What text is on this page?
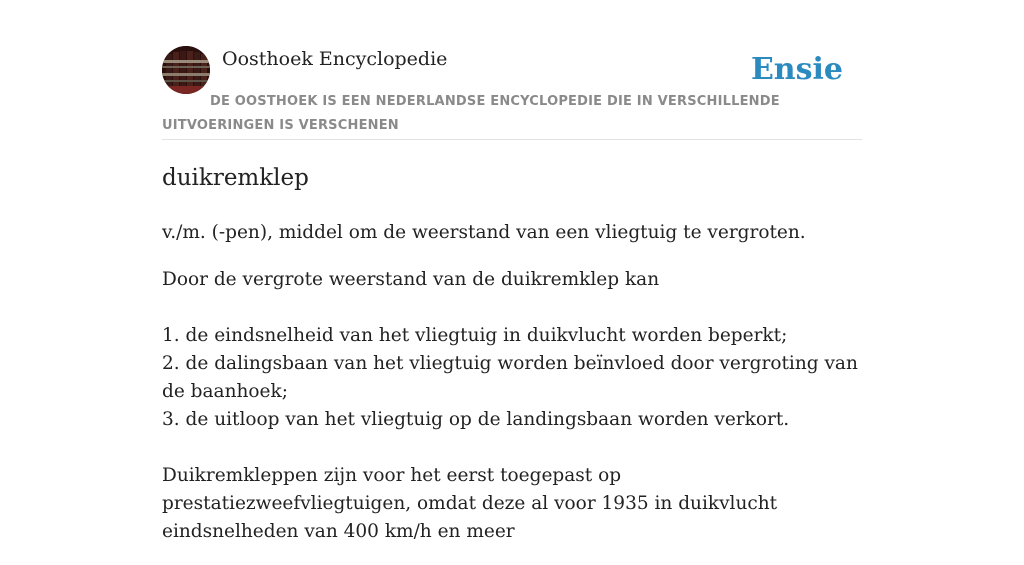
Oosthoek Encyclopedie	Ensie
DE OOSTHOEK IS EEN NEDERLANDSE ENCYCLOPEDIE DIE IN VERSCHILLENDE UITVOERINGEN IS VERSCHENEN
duikremklep

v./m. (-pen), middel om de weerstand van een vliegtuig te vergroten.

Door de vergrote weerstand van de duikremklep kan
1. de eindsnelheid van het vliegtuig in duikvlucht worden beperkt;
2. de dalingsbaan van het vliegtuig worden beïnvloed door vergroting van de baanhoek;
3. de uitloop van het vliegtuig op de landingsbaan worden verkort.
Duikremkleppen zijn voor het eerst toegepast op prestatiezweefvliegtuigen, omdat deze al voor 1935 in duikvlucht eindsnelheden van 400 km/h en meer
